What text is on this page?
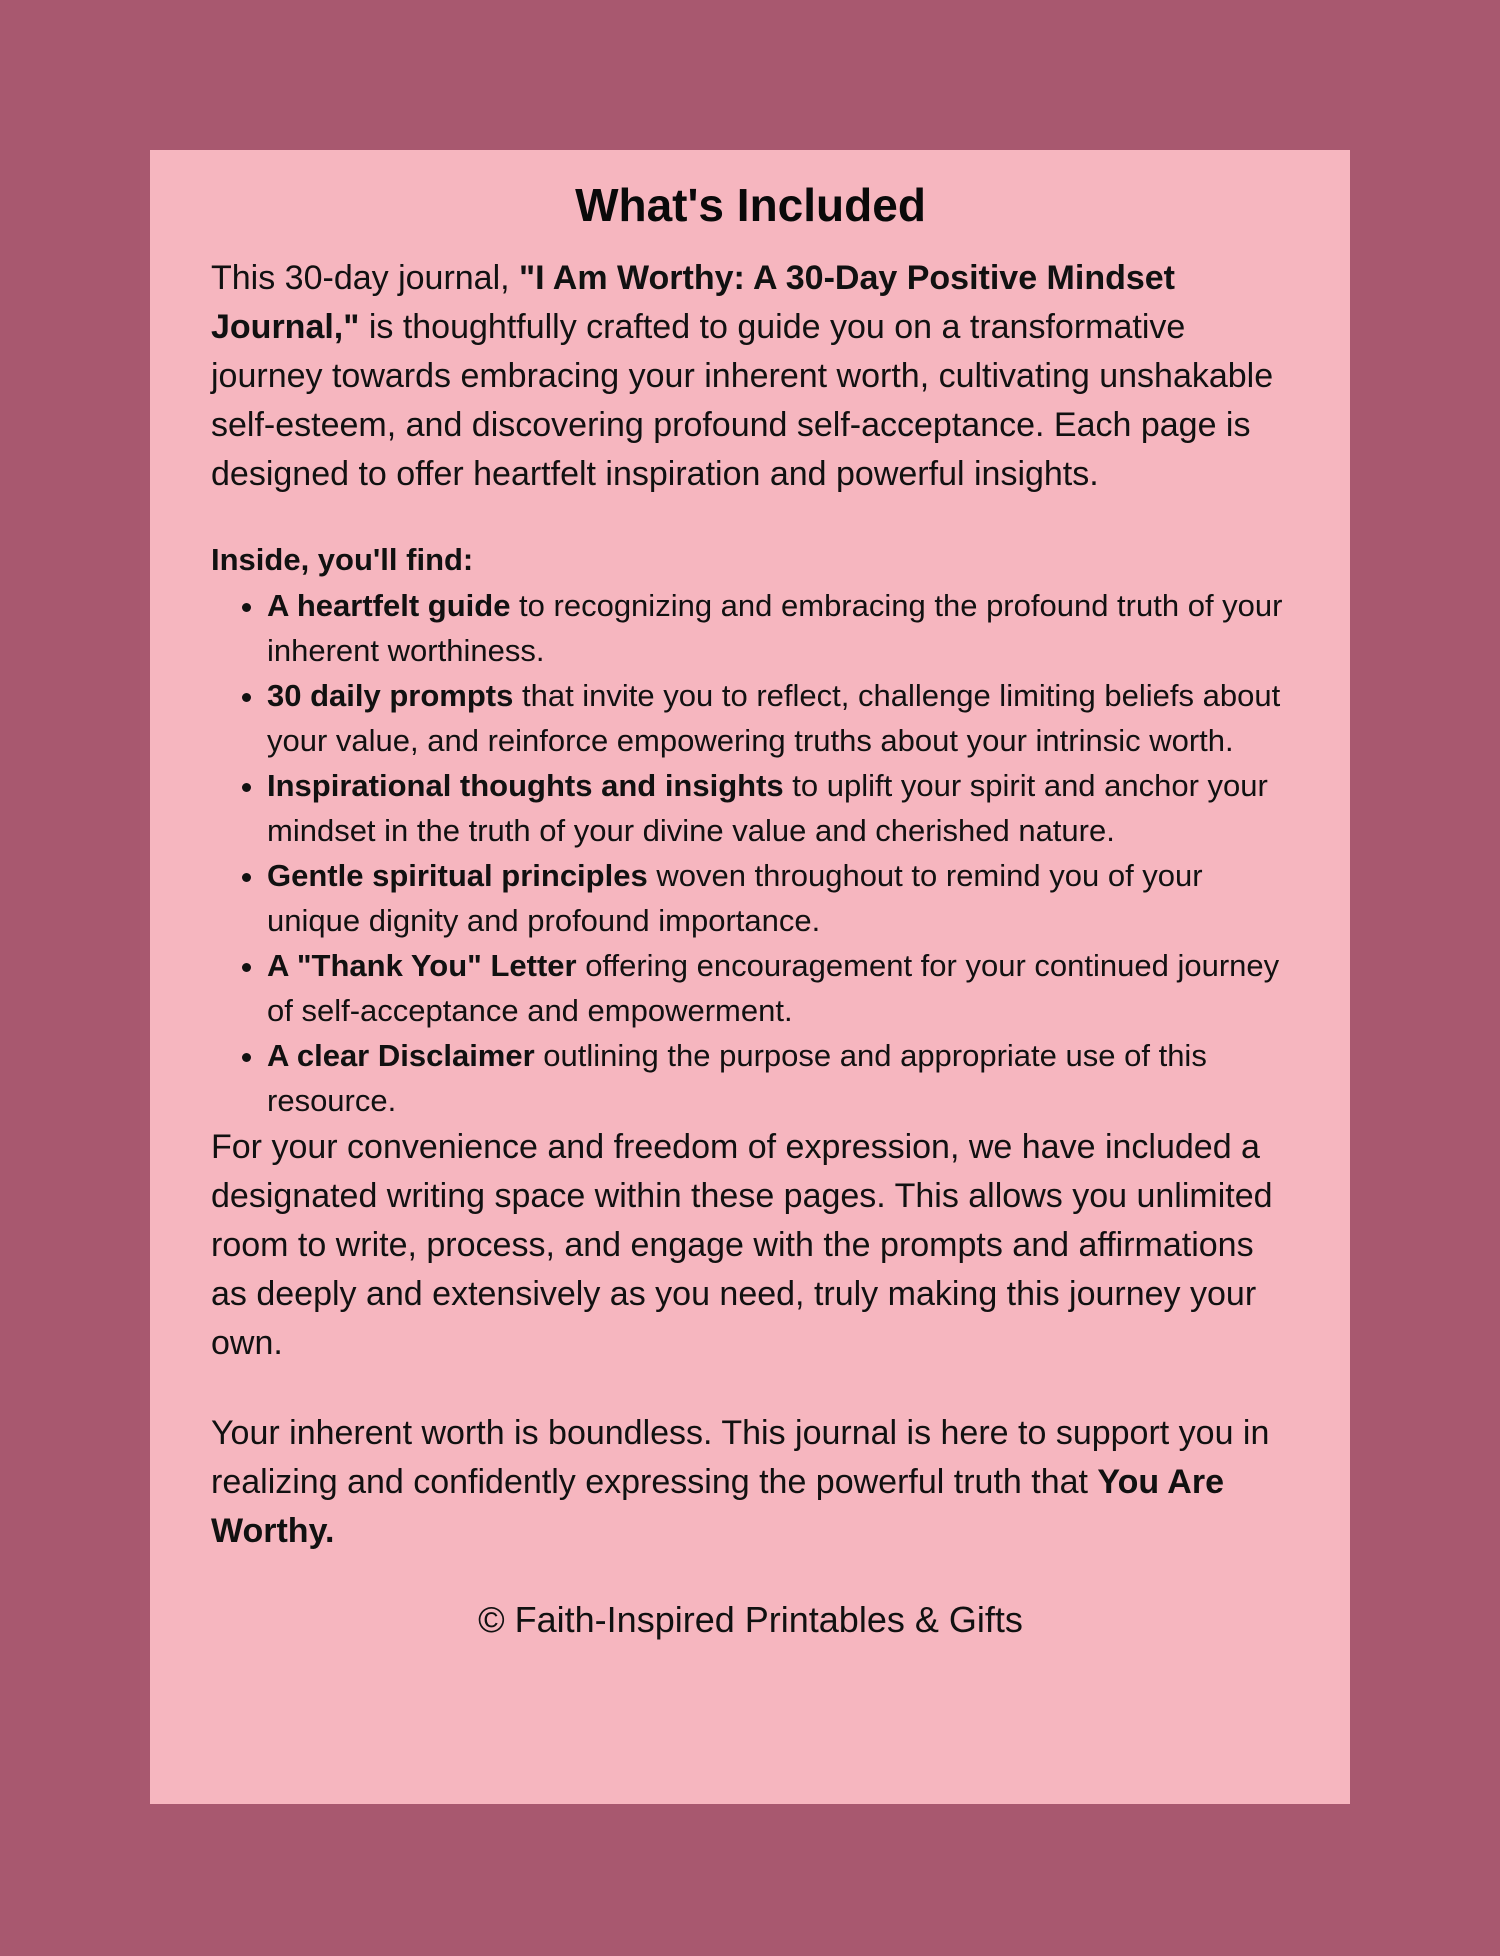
What's Included

This 30-day journal, "I Am Worthy: A 30-Day Positive Mindset Journal," is thoughtfully crafted to guide you on a transformative journey towards embracing your inherent worth, cultivating unshakable self-esteem, and discovering profound self-acceptance. Each page is designed to offer heartfelt inspiration and powerful insights.

Inside, you'll find:
• A heartfelt guide to recognizing and embracing the profound truth of your inherent worthiness.
• 30 daily prompts that invite you to reflect, challenge limiting beliefs about your value, and reinforce empowering truths about your intrinsic worth.
• Inspirational thoughts and insights to uplift your spirit and anchor your mindset in the truth of your divine value and cherished nature.
• Gentle spiritual principles woven throughout to remind you of your unique dignity and profound importance.
• A "Thank You" Letter offering encouragement for your continued journey of self-acceptance and empowerment.
• A clear Disclaimer outlining the purpose and appropriate use of this resource.

For your convenience and freedom of expression, we have included a designated writing space within these pages. This allows you unlimited room to write, process, and engage with the prompts and affirmations as deeply and extensively as you need, truly making this journey your own.

Your inherent worth is boundless. This journal is here to support you in realizing and confidently expressing the powerful truth that You Are Worthy.

© Faith-Inspired Printables & Gifts
